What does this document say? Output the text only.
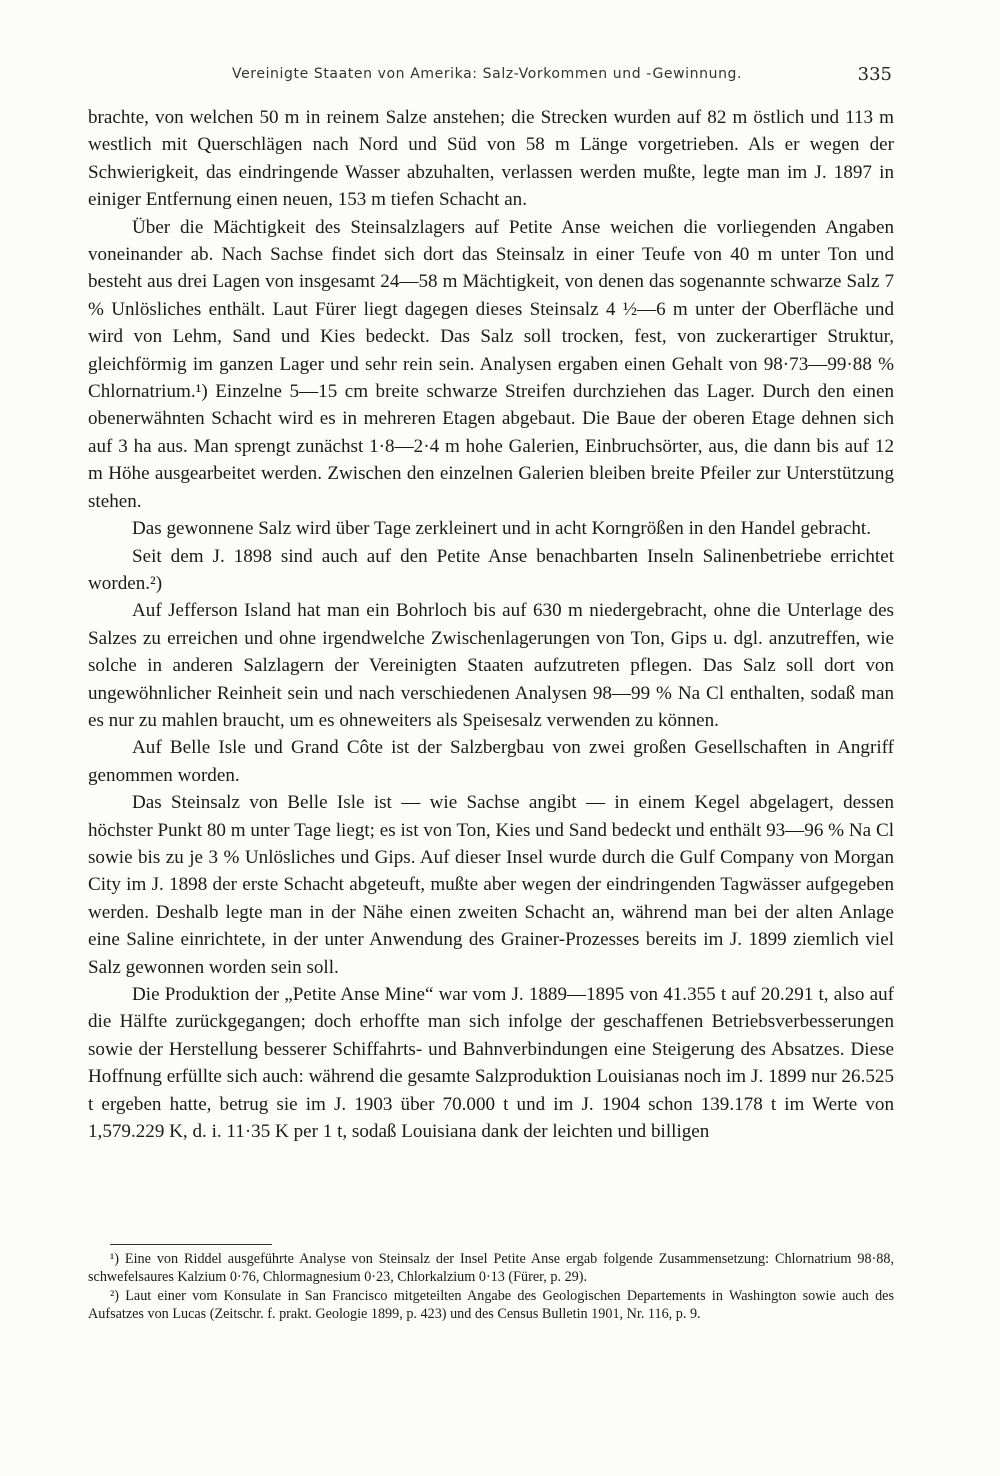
Vereinigte Staaten von Amerika: Salz-Vorkommen und -Gewinnung.	335

brachte, von welchen 50 m in reinem Salze anstehen; die Strecken wurden auf 82 m östlich und 113 m westlich mit Querschlägen nach Nord und Süd von 58 m Länge vorgetrieben. Als er wegen der Schwierigkeit, das eindringende Wasser abzuhalten, verlassen werden mußte, legte man im J. 1897 in einiger Entfernung einen neuen, 153 m tiefen Schacht an.

Über die Mächtigkeit des Steinsalzlagers auf Petite Anse weichen die vorliegenden Angaben voneinander ab. Nach Sachse findet sich dort das Steinsalz in einer Teufe von 40 m unter Ton und besteht aus drei Lagen von insgesamt 24—58 m Mächtigkeit, von denen das sogenannte schwarze Salz 7 % Unlösliches enthält. Laut Fürer liegt dagegen dieses Steinsalz 4 ½—6 m unter der Oberfläche und wird von Lehm, Sand und Kies bedeckt. Das Salz soll trocken, fest, von zuckerartiger Struktur, gleichförmig im ganzen Lager und sehr rein sein. Analysen ergaben einen Gehalt von 98·73—99·88 % Chlornatrium.¹) Einzelne 5—15 cm breite schwarze Streifen durchziehen das Lager. Durch den einen obenerwähnten Schacht wird es in mehreren Etagen abgebaut. Die Baue der oberen Etage dehnen sich auf 3 ha aus. Man sprengt zunächst 1·8—2·4 m hohe Galerien, Einbruchsörter, aus, die dann bis auf 12 m Höhe ausgearbeitet werden. Zwischen den einzelnen Galerien bleiben breite Pfeiler zur Unterstützung stehen.

Das gewonnene Salz wird über Tage zerkleinert und in acht Korngrößen in den Handel gebracht.

Seit dem J. 1898 sind auch auf den Petite Anse benachbarten Inseln Salinenbetriebe errichtet worden.²)

Auf Jefferson Island hat man ein Bohrloch bis auf 630 m niedergebracht, ohne die Unterlage des Salzes zu erreichen und ohne irgendwelche Zwischenlagerungen von Ton, Gips u. dgl. anzutreffen, wie solche in anderen Salzlagern der Vereinigten Staaten aufzutreten pflegen. Das Salz soll dort von ungewöhnlicher Reinheit sein und nach verschiedenen Analysen 98—99 % Na Cl enthalten, sodaß man es nur zu mahlen braucht, um es ohneweiters als Speisesalz verwenden zu können.

Auf Belle Isle und Grand Côte ist der Salzbergbau von zwei großen Gesellschaften in Angriff genommen worden.

Das Steinsalz von Belle Isle ist — wie Sachse angibt — in einem Kegel abgelagert, dessen höchster Punkt 80 m unter Tage liegt; es ist von Ton, Kies und Sand bedeckt und enthält 93—96 % Na Cl sowie bis zu je 3 % Unlösliches und Gips. Auf dieser Insel wurde durch die Gulf Company von Morgan City im J. 1898 der erste Schacht abgeteuft, mußte aber wegen der eindringenden Tagwässer aufgegeben werden. Deshalb legte man in der Nähe einen zweiten Schacht an, während man bei der alten Anlage eine Saline einrichtete, in der unter Anwendung des Grainer-Prozesses bereits im J. 1899 ziemlich viel Salz gewonnen worden sein soll.

Die Produktion der „Petite Anse Mine“ war vom J. 1889—1895 von 41.355 t auf 20.291 t, also auf die Hälfte zurückgegangen; doch erhoffte man sich infolge der geschaffenen Betriebsverbesserungen sowie der Herstellung besserer Schiffahrts- und Bahnverbindungen eine Steigerung des Absatzes. Diese Hoffnung erfüllte sich auch: während die gesamte Salzproduktion Louisianas noch im J. 1899 nur 26.525 t ergeben hatte, betrug sie im J. 1903 über 70.000 t und im J. 1904 schon 139.178 t im Werte von 1,579.229 K, d. i. 11·35 K per 1 t, sodaß Louisiana dank der leichten und billigen

¹) Eine von Riddel ausgeführte Analyse von Steinsalz der Insel Petite Anse ergab folgende Zusammensetzung: Chlornatrium 98·88, schwefelsaures Kalzium 0·76, Chlormagnesium 0·23, Chlorkalzium 0·13 (Fürer, p. 29).

²) Laut einer vom Konsulate in San Francisco mitgeteilten Angabe des Geologischen Departements in Washington sowie auch des Aufsatzes von Lucas (Zeitschr. f. prakt. Geologie 1899, p. 423) und des Census Bulletin 1901, Nr. 116, p. 9.
